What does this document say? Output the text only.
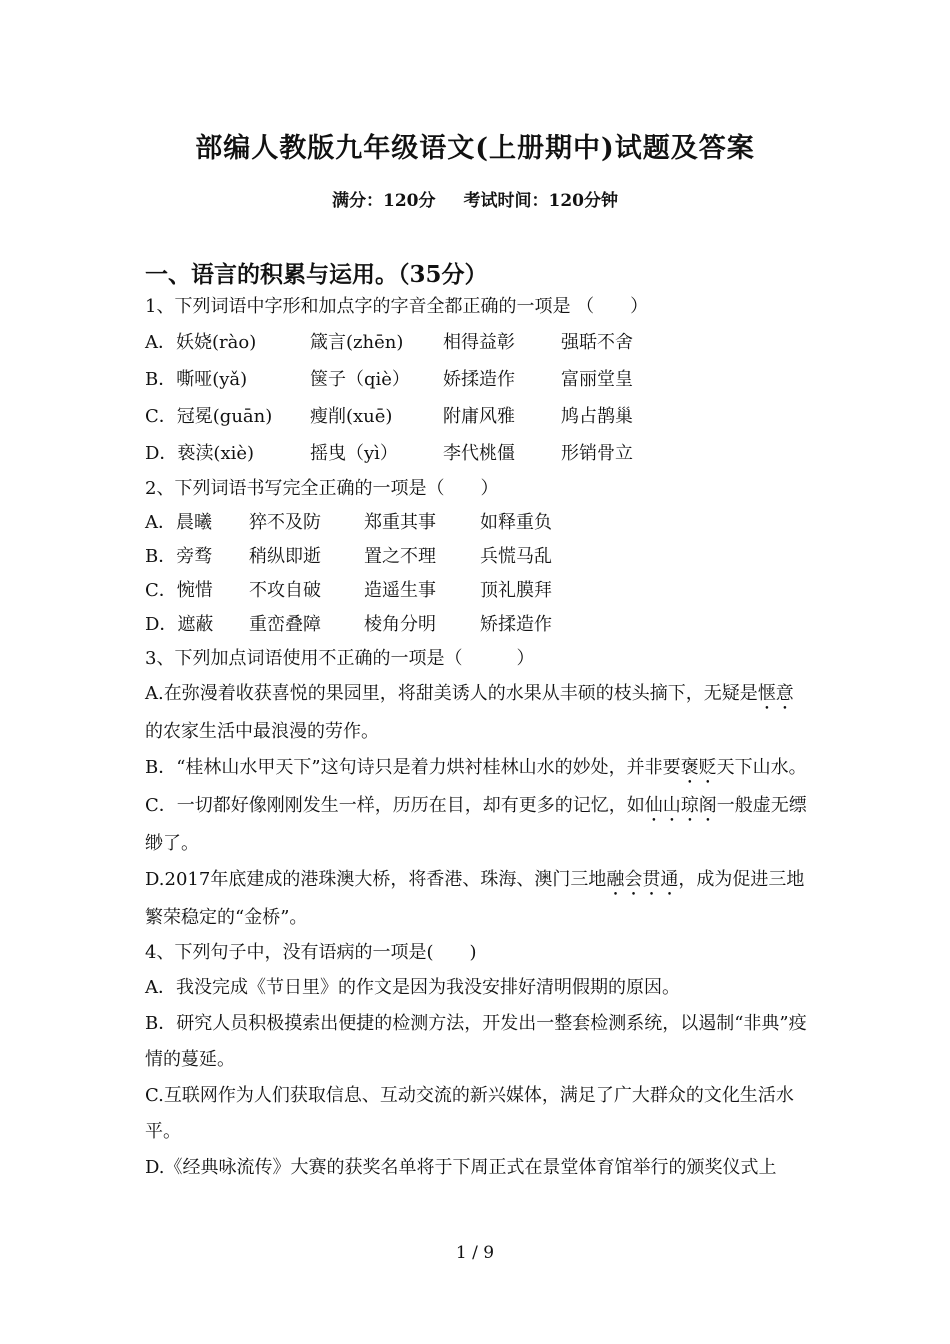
部编人教版九年级语文(上册期中)试题及答案
满分：120分 考试时间：120分钟
一、语言的积累与运用。（35分）
1、下列词语中字形和加点字的字音全都正确的一项是 （　　）
A．妖娆(rào)	箴言(zhēn) 相得益彰	强聒不舍
B．嘶哑(yǎ)	箧子（qiè） 娇揉造作	富丽堂皇
C．冠冕(guān) 瘦削(xuē)	附庸风雅	鸠占鹊巢
D．亵渎(xiè)	摇曳（yì）	李代桃僵	形销骨立
2、下列词语书写完全正确的一项是（　　）
A．晨曦 猝不及防 郑重其事 如释重负
B．旁骛 稍纵即逝 置之不理 兵慌马乱
C．惋惜 不攻自破 造遥生事 顶礼膜拜
D．遮蔽 重峦叠障 棱角分明 矫揉造作
3、下列加点词语使用不正确的一项是（　　　）
A.在弥漫着收获喜悦的果园里，将甜美诱人的水果从丰硕的枝头摘下，无疑是惬意的农家生活中最浪漫的劳作。
B．“桂林山水甲天下”这句诗只是着力烘衬桂林山水的妙处，并非要褒贬天下山水。
C．一切都好像刚刚发生一样，历历在目，却有更多的记忆，如仙山琼阁一般虚无缥缈了。
D.2017年底建成的港珠澳大桥，将香港、珠海、澳门三地融会贯通，成为促进三地繁荣稳定的“金桥”。
4、下列句子中，没有语病的一项是(　　)
A．我没完成《节日里》的作文是因为我没安排好清明假期的原因。
B．研究人员积极摸索出便捷的检测方法，开发出一整套检测系统，以遏制“非典”疫情的蔓延。
C.互联网作为人们获取信息、互动交流的新兴媒体，满足了广大群众的文化生活水平。
D.《经典咏流传》大赛的获奖名单将于下周正式在景堂体育馆举行的颁奖仪式上
1 / 9
